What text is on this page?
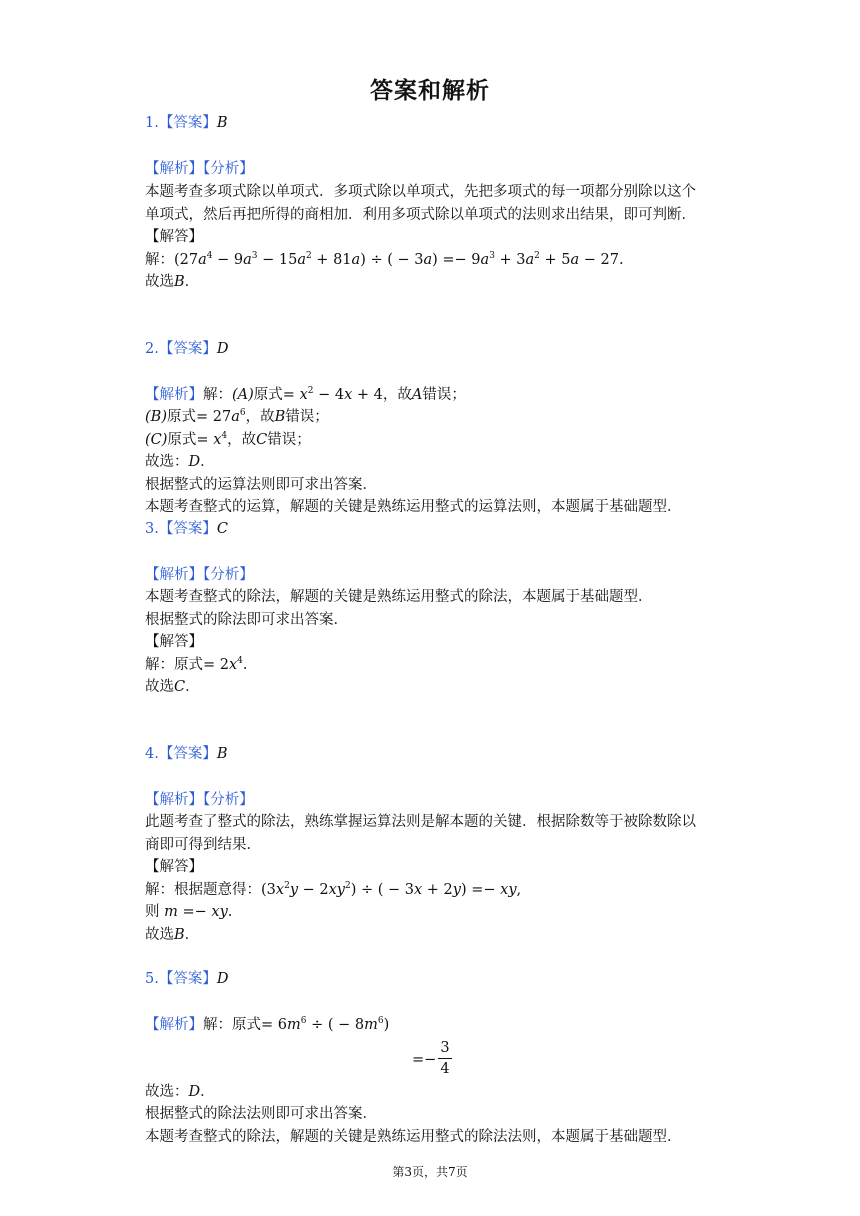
答案和解析
1.【答案】B
【解析】【分析】
本题考查多项式除以单项式．多项式除以单项式，先把多项式的每一项都分别除以这个
单项式，然后再把所得的商相加．利用多项式除以单项式的法则求出结果，即可判断．
【解答】
解：$(27a^4 - 9a^3 - 15a^2 + 81a)$ ÷ ( − $3a) =- 9a^3 + 3a^2 + 5a - 27$.
故选B．
2.【答案】D
【解析】解：(A)原式= $x^2 - 4x + 4$，故A错误；
(B)原式= $27a^6$，故B错误；
(C)原式= $x^4$，故C错误；
故选：D．
根据整式的运算法则即可求出答案．
本题考查整式的运算，解题的关键是熟练运用整式的运算法则，本题属于基础题型．
3.【答案】C
【解析】【分析】
本题考查整式的除法，解题的关键是熟练运用整式的除法，本题属于基础题型．
根据整式的除法即可求出答案．
【解答】
解：原式= $2x^4$.
故选C．
4.【答案】B
【解析】【分析】
此题考查了整式的除法，熟练掌握运算法则是解本题的关键．根据除数等于被除数除以
商即可得到结果．
【解答】
解：根据题意得：$(3x^2y - 2xy^2)$ ÷ ( − 3x + 2y) =− xy,
则 m =− xy.
故选B．
5.【答案】D
【解析】解：原式= $6m^6$ ÷ ( − $8m^6$)
=−
3
4
故选：D．
根据整式的除法法则即可求出答案．
本题考查整式的除法，解题的关键是熟练运用整式的除法法则，本题属于基础题型．
第3页，共7页
